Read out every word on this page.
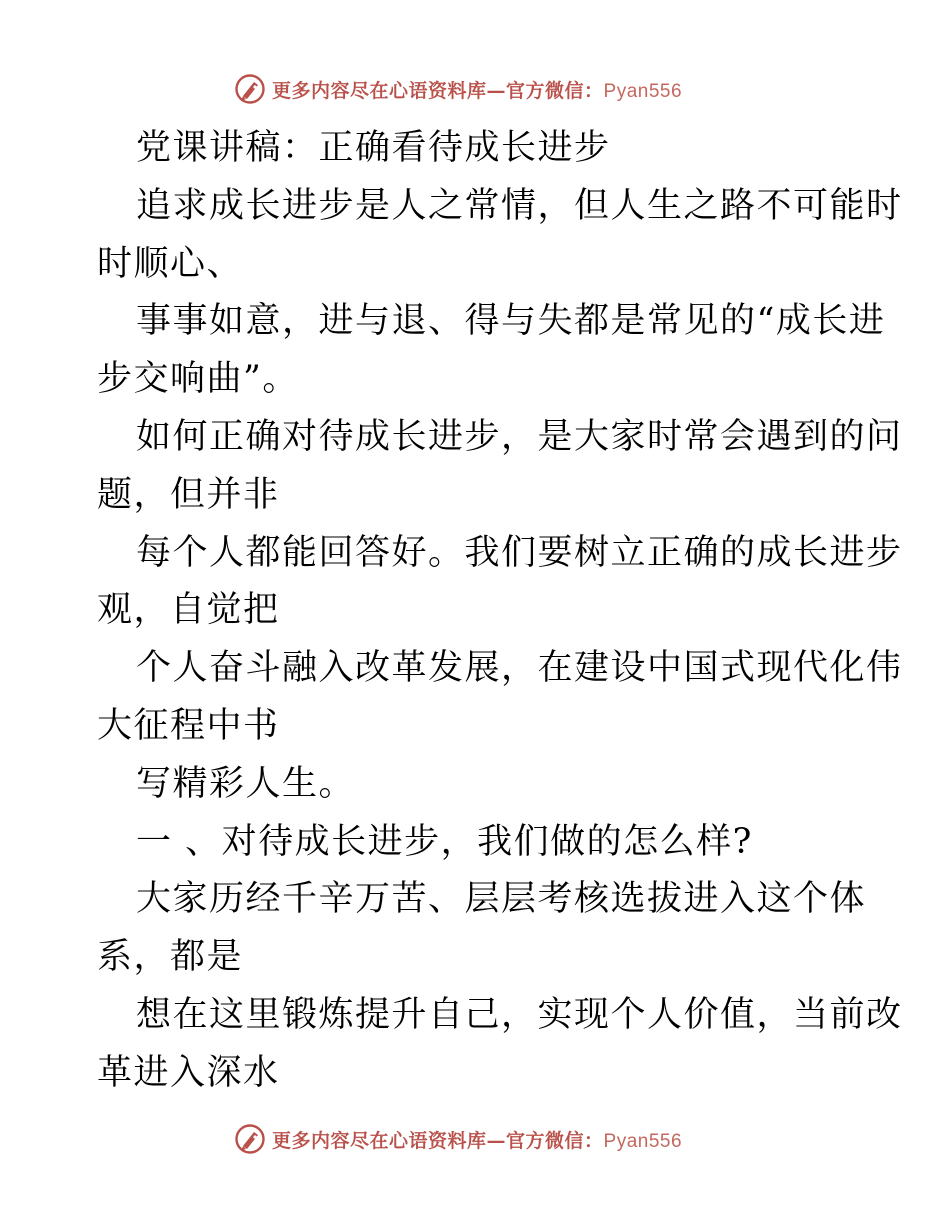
更多内容尽在心语资料库—官方微信：Pyan556
党课讲稿：正确看待成长进步
追求成长进步是人之常情，但人生之路不可能时
时顺心、
事事如意，进与退、得与失都是常见的“成长进
步交响曲”。
如何正确对待成长进步，是大家时常会遇到的问
题，但并非
每个人都能回答好。我们要树立正确的成长进步
观，自觉把
个人奋斗融入改革发展，在建设中国式现代化伟
大征程中书
写精彩人生。
一 、对待成长进步，我们做的怎么样?
大家历经千辛万苦、层层考核选拔进入这个体
系，都是
想在这里锻炼提升自己，实现个人价值，当前改
革进入深水
更多内容尽在心语资料库—官方微信：Pyan556
